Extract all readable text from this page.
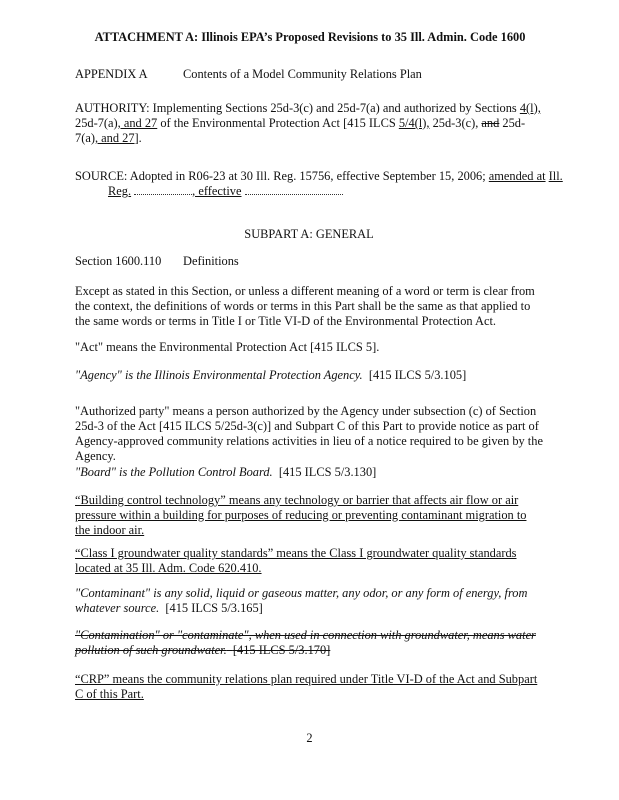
ATTACHMENT A: Illinois EPA’s Proposed Revisions to 35 Ill. Admin. Code 1600

APPENDIX A	Contents of a Model Community Relations Plan

AUTHORITY: Implementing Sections 25d-3(c) and 25d-7(a) and authorized by Sections 4(l), 25d-7(a), and 27 of the Environmental Protection Act [415 ILCS 5/4(l), 25d-3(c), and 25d-7(a), and 27].

SOURCE: Adopted in R06-23 at 30 Ill. Reg. 15756, effective September 15, 2006; amended at Ill. Reg.	, effective

SUBPART A: GENERAL

Section 1600.110 Definitions

Except as stated in this Section, or unless a different meaning of a word or term is clear from the context, the definitions of words or terms in this Part shall be the same as that applied to the same words or terms in Title I or Title VI-D of the Environmental Protection Act.

"Act" means the Environmental Protection Act [415 ILCS 5].

"Agency" is the Illinois Environmental Protection Agency. [415 ILCS 5/3.105]

"Authorized party" means a person authorized by the Agency under subsection (c) of Section 25d-3 of the Act [415 ILCS 5/25d-3(c)] and Subpart C of this Part to provide notice as part of Agency-approved community relations activities in lieu of a notice required to be given by the Agency.

"Board" is the Pollution Control Board. [415 ILCS 5/3.130]

“Building control technology” means any technology or barrier that affects air flow or air pressure within a building for purposes of reducing or preventing contaminant migration to the indoor air.

“Class I groundwater quality standards” means the Class I groundwater quality standards located at 35 Ill. Adm. Code 620.410.

"Contaminant" is any solid, liquid or gaseous matter, any odor, or any form of energy, from whatever source. [415 ILCS 5/3.165]

"Contamination" or "contaminate", when used in connection with groundwater, means water pollution of such groundwater. [415 ILCS 5/3.170]

“CRP” means the community relations plan required under Title VI-D of the Act and Subpart C of this Part.

2
